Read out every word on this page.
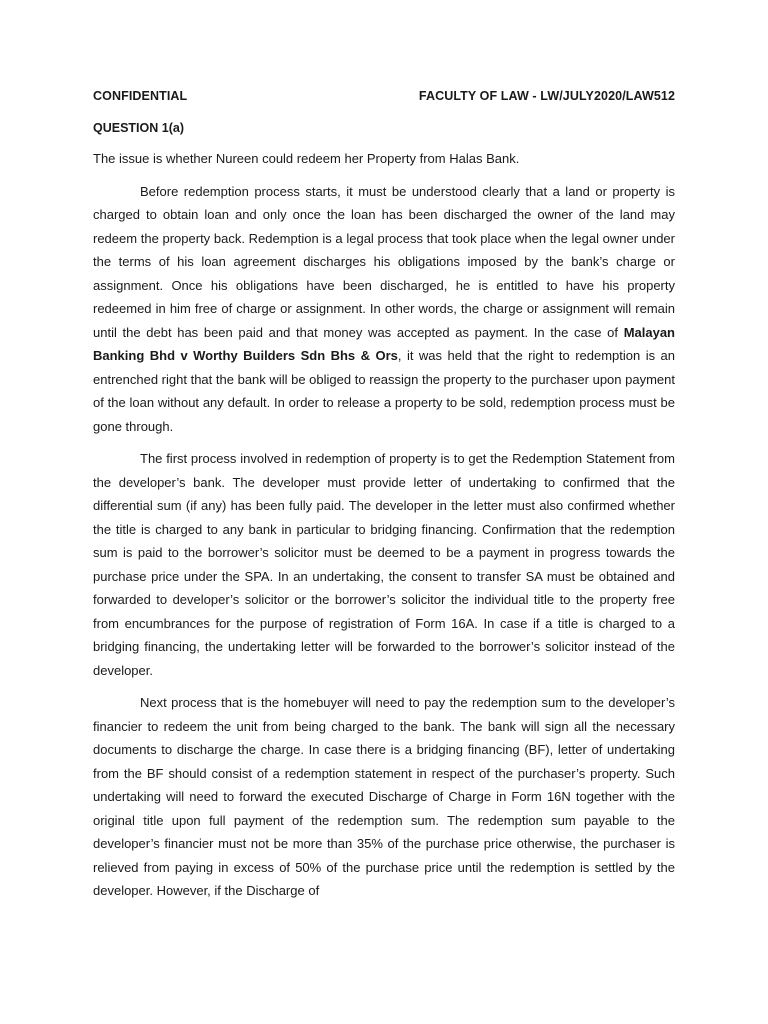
CONFIDENTIAL	FACULTY OF LAW - LW/JULY2020/LAW512
QUESTION 1(a)

The issue is whether Nureen could redeem her Property from Halas Bank.

Before redemption process starts, it must be understood clearly that a land or property is charged to obtain loan and only once the loan has been discharged the owner of the land may redeem the property back. Redemption is a legal process that took place when the legal owner under the terms of his loan agreement discharges his obligations imposed by the bank’s charge or assignment. Once his obligations have been discharged, he is entitled to have his property redeemed in him free of charge or assignment. In other words, the charge or assignment will remain until the debt has been paid and that money was accepted as payment. In the case of Malayan Banking Bhd v Worthy Builders Sdn Bhs & Ors, it was held that the right to redemption is an entrenched right that the bank will be obliged to reassign the property to the purchaser upon payment of the loan without any default. In order to release a property to be sold, redemption process must be gone through.

The first process involved in redemption of property is to get the Redemption Statement from the developer’s bank. The developer must provide letter of undertaking to confirmed that the differential sum (if any) has been fully paid. The developer in the letter must also confirmed whether the title is charged to any bank in particular to bridging financing. Confirmation that the redemption sum is paid to the borrower’s solicitor must be deemed to be a payment in progress towards the purchase price under the SPA. In an undertaking, the consent to transfer SA must be obtained and forwarded to developer’s solicitor or the borrower’s solicitor the individual title to the property free from encumbrances for the purpose of registration of Form 16A. In case if a title is charged to a bridging financing, the undertaking letter will be forwarded to the borrower’s solicitor instead of the developer.

Next process that is the homebuyer will need to pay the redemption sum to the developer’s financier to redeem the unit from being charged to the bank. The bank will sign all the necessary documents to discharge the charge. In case there is a bridging financing (BF), letter of undertaking from the BF should consist of a redemption statement in respect of the purchaser’s property. Such undertaking will need to forward the executed Discharge of Charge in Form 16N together with the original title upon full payment of the redemption sum. The redemption sum payable to the developer’s financier must not be more than 35% of the purchase price otherwise, the purchaser is relieved from paying in excess of 50% of the purchase price until the redemption is settled by the developer. However, if the Discharge of
